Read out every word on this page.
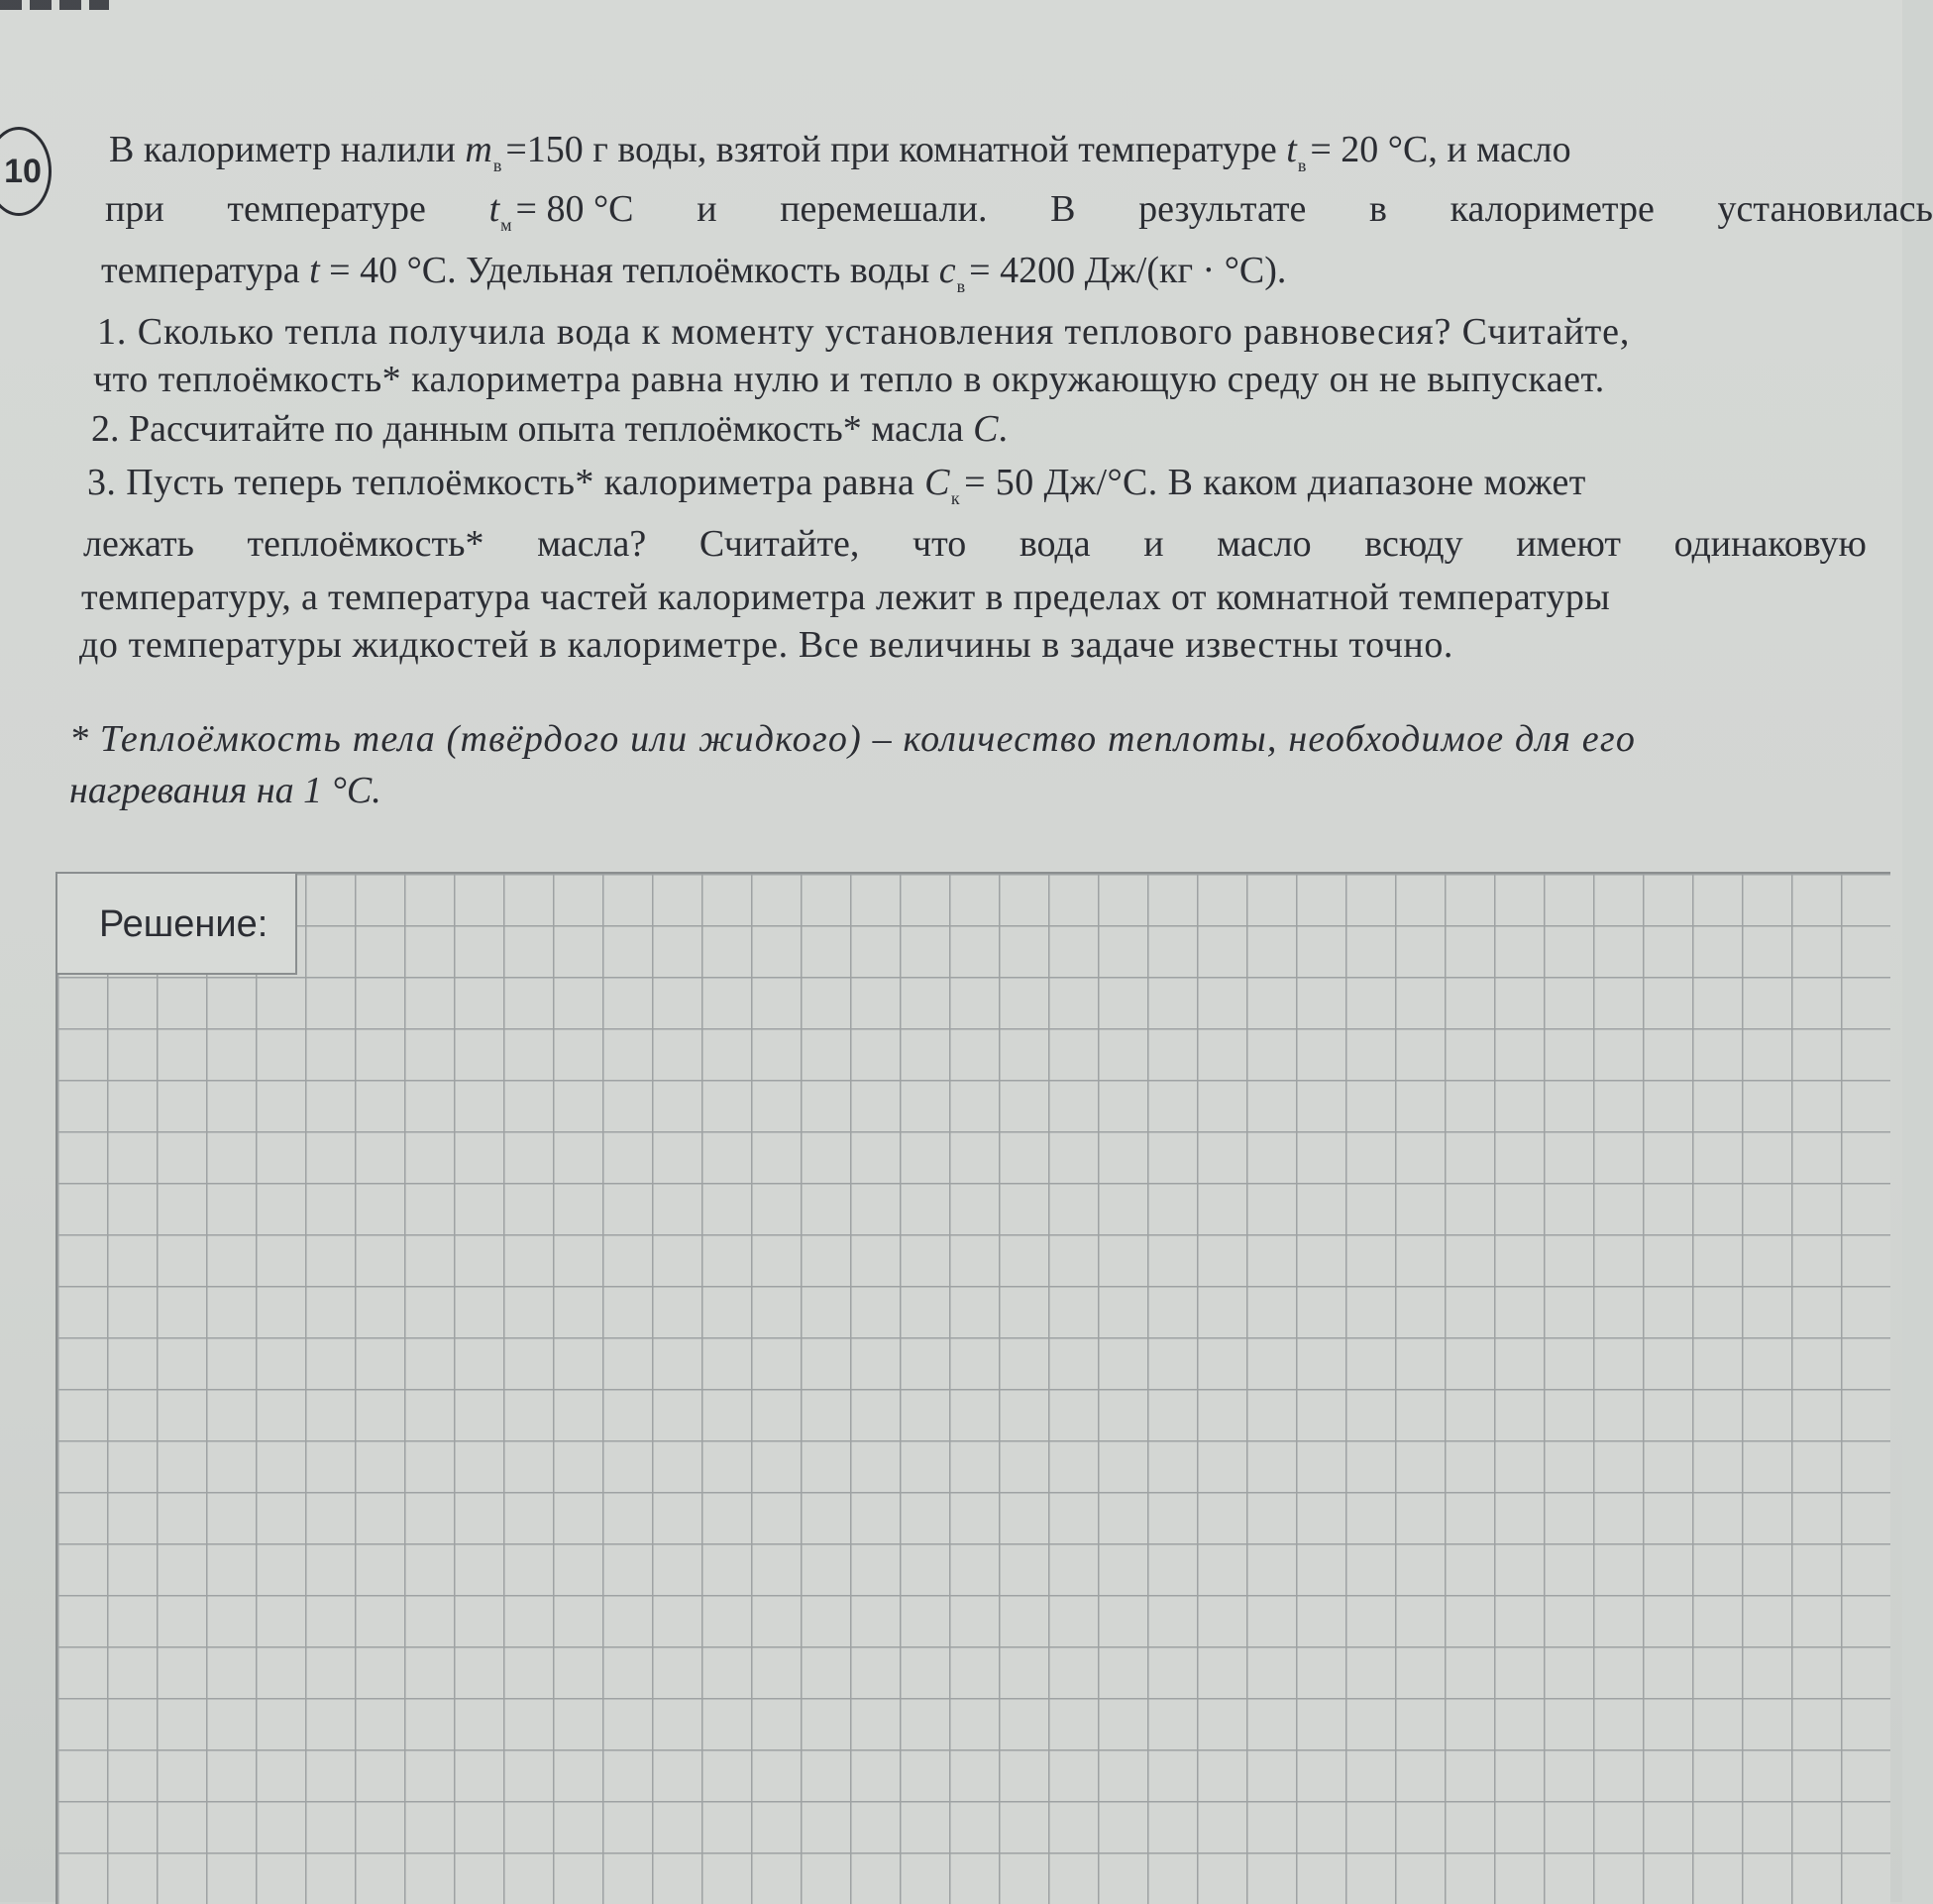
10
В калориметр налили $m_в =150$ г воды, взятой при комнатной температуре $t_в = 20$ °C, и масло
при температуре $t_м = 80$ °C и перемешали. В результате в калориметре установилась
температура t = 40 °C. Удельная теплоёмкость воды $c_в = 4200$ Дж/(кг · °C).
1. Сколько тепла получила вода к моменту установления теплового равновесия? Считайте,
что теплоёмкость* калориметра равна нулю и тепло в окружающую среду он не выпускает.
2. Рассчитайте по данным опыта теплоёмкость* масла C.
3. Пусть теперь теплоёмкость* калориметра равна $C_к = 50$ Дж/°C. В каком диапазоне может
лежать теплоёмкость* масла? Считайте, что вода и масло всюду имеют одинаковую
температуру, а температура частей калориметра лежит в пределах от комнатной температуры
до температуры жидкостей в калориметре. Все величины в задаче известны точно.
* Теплоёмкость тела (твёрдого или жидкого) – количество теплоты, необходимое для его
нагревания на 1 °C.
Решение:
